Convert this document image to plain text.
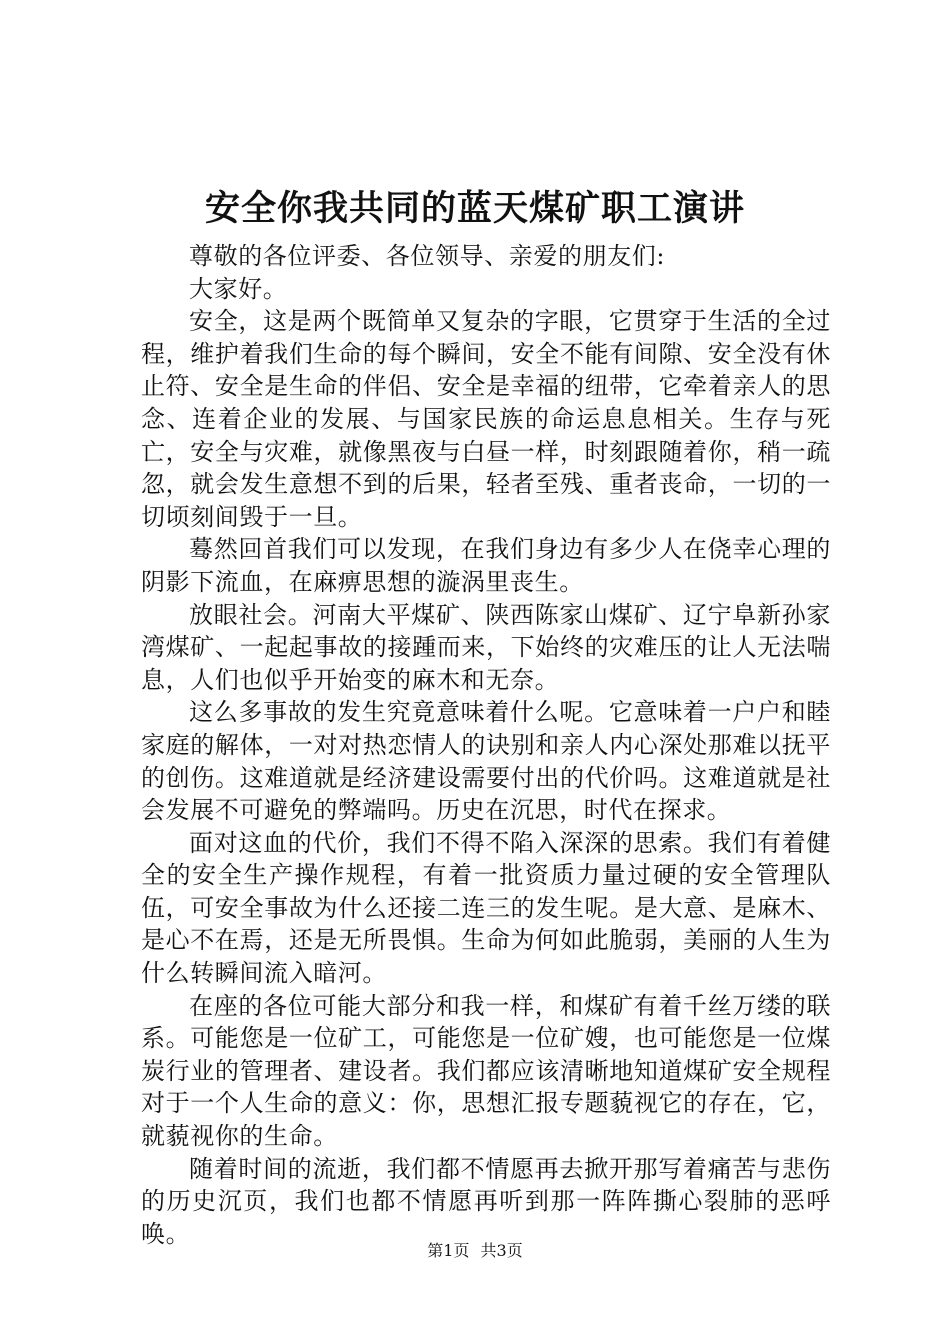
安全你我共同的蓝天煤矿职工演讲

尊敬的各位评委、各位领导、亲爱的朋友们:

大家好。

安全，这是两个既简单又复杂的字眼，它贯穿于生活的全过程，维护着我们生命的每个瞬间，安全不能有间隙、安全没有休止符、安全是生命的伴侣、安全是幸福的纽带，它牵着亲人的思念、连着企业的发展、与国家民族的命运息息相关。生存与死亡，安全与灾难，就像黑夜与白昼一样，时刻跟随着你，稍一疏忽，就会发生意想不到的后果，轻者至残、重者丧命，一切的一切顷刻间毁于一旦。

蓦然回首我们可以发现，在我们身边有多少人在侥幸心理的阴影下流血，在麻痹思想的漩涡里丧生。

放眼社会。河南大平煤矿、陕西陈家山煤矿、辽宁阜新孙家湾煤矿、一起起事故的接踵而来，下始终的灾难压的让人无法喘息，人们也似乎开始变的麻木和无奈。

这么多事故的发生究竟意味着什么呢。它意味着一户户和睦家庭的解体，一对对热恋情人的诀别和亲人内心深处那难以抚平的创伤。这难道就是经济建设需要付出的代价吗。这难道就是社会发展不可避免的弊端吗。历史在沉思，时代在探求。

面对这血的代价，我们不得不陷入深深的思索。我们有着健全的安全生产操作规程，有着一批资质力量过硬的安全管理队伍，可安全事故为什么还接二连三的发生呢。是大意、是麻木、是心不在焉，还是无所畏惧。生命为何如此脆弱，美丽的人生为什么转瞬间流入暗河。

在座的各位可能大部分和我一样，和煤矿有着千丝万缕的联系。可能您是一位矿工，可能您是一位矿嫂，也可能您是一位煤炭行业的管理者、建设者。我们都应该清晰地知道煤矿安全规程对于一个人生命的意义：你，思想汇报专题藐视它的存在，它，就藐视你的生命。

随着时间的流逝，我们都不情愿再去掀开那写着痛苦与悲伤的历史沉页，我们也都不情愿再听到那一阵阵撕心裂肺的恶呼唤。

第1页 共3页
